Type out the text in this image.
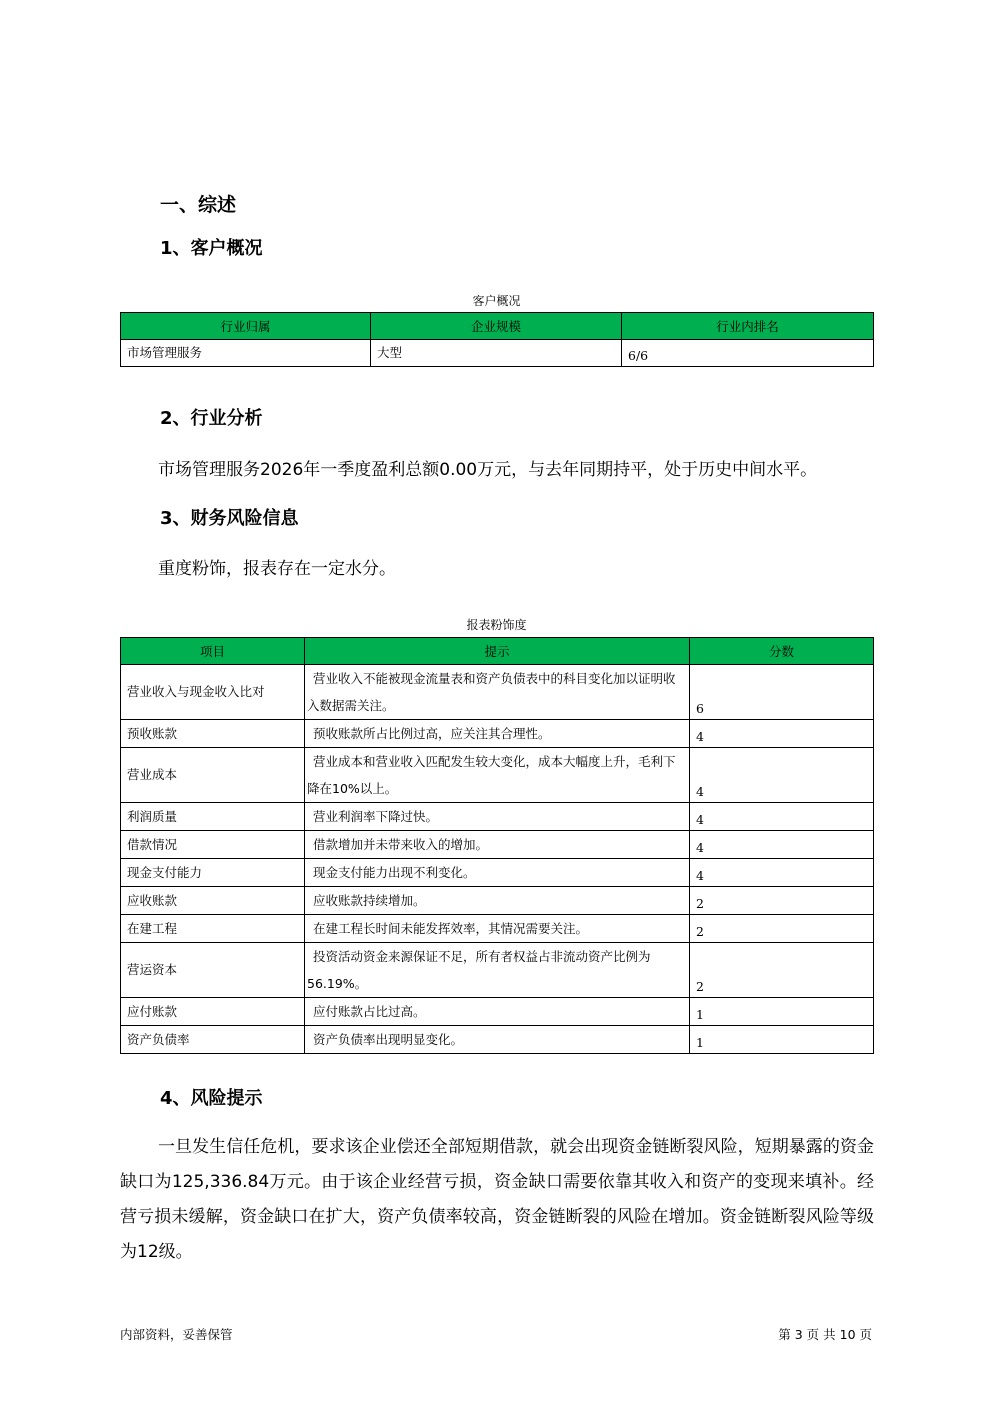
一、综述
1、客户概况
客户概况
行业归属	企业规模	行业内排名
市场管理服务	大型	6/6
2、行业分析
市场管理服务2026年一季度盈利总额0.00万元，与去年同期持平，处于历史中间水平。
3、财务风险信息
重度粉饰，报表存在一定水分。
报表粉饰度
项目	提示	分数
营业收入与现金收入比对	营业收入不能被现金流量表和资产负债表中的科目变化加以证明收入数据需关注。	6
预收账款	预收账款所占比例过高，应关注其合理性。	4
营业成本	营业成本和营业收入匹配发生较大变化，成本大幅度上升，毛利下降在10%以上。	4
利润质量	营业利润率下降过快。	4
借款情况	借款增加并未带来收入的增加。	4
现金支付能力	现金支付能力出现不利变化。	4
应收账款	应收账款持续增加。	2
在建工程	在建工程长时间未能发挥效率，其情况需要关注。	2
营运资本	投资活动资金来源保证不足，所有者权益占非流动资产比例为56.19%。	2
应付账款	应付账款占比过高。	1
资产负债率	资产负债率出现明显变化。	1
4、风险提示
一旦发生信任危机，要求该企业偿还全部短期借款，就会出现资金链断裂风险，短期暴露的资金缺口为125,336.84万元。由于该企业经营亏损，资金缺口需要依靠其收入和资产的变现来填补。经营亏损未缓解，资金缺口在扩大，资产负债率较高，资金链断裂的风险在增加。资金链断裂风险等级为12级。
内部资料，妥善保管	第 3 页 共 10 页
